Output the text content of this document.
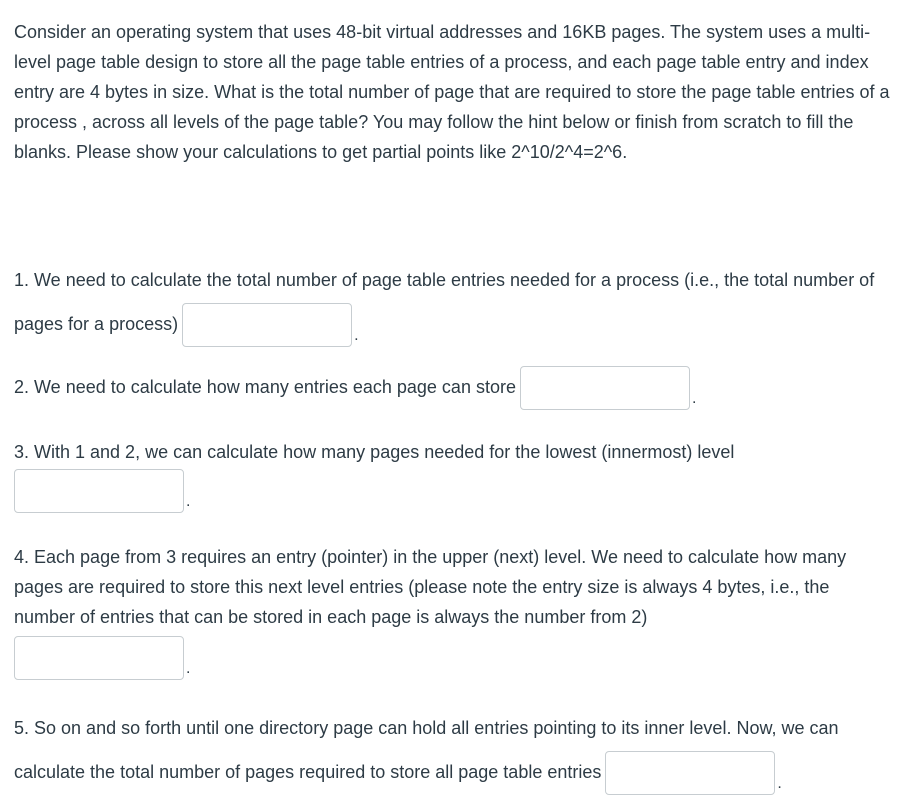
Consider an operating system that uses 48-bit virtual addresses and 16KB pages. The system uses a multi-level page table design to store all the page table entries of a process, and each page table entry and index entry are 4 bytes in size. What is the total number of page that are required to store the page table entries of a process , across all levels of the page table? You may follow the hint below or finish from scratch to fill the blanks. Please show your calculations to get partial points like 2^10/2^4=2^6.

1. We need to calculate the total number of page table entries needed for a process (i.e., the total number of pages for a process).
2. We need to calculate how many entries each page can store.
3. With 1 and 2, we can calculate how many pages needed for the lowest (innermost) level
.
4. Each page from 3 requires an entry (pointer) in the upper (next) level. We need to calculate how many pages are required to store this next level entries (please note the entry size is always 4 bytes, i.e., the number of entries that can be stored in each page is always the number from 2)
.
5. So on and so forth until one directory page can hold all entries pointing to its inner level. Now, we can calculate the total number of pages required to store all page table entries.
